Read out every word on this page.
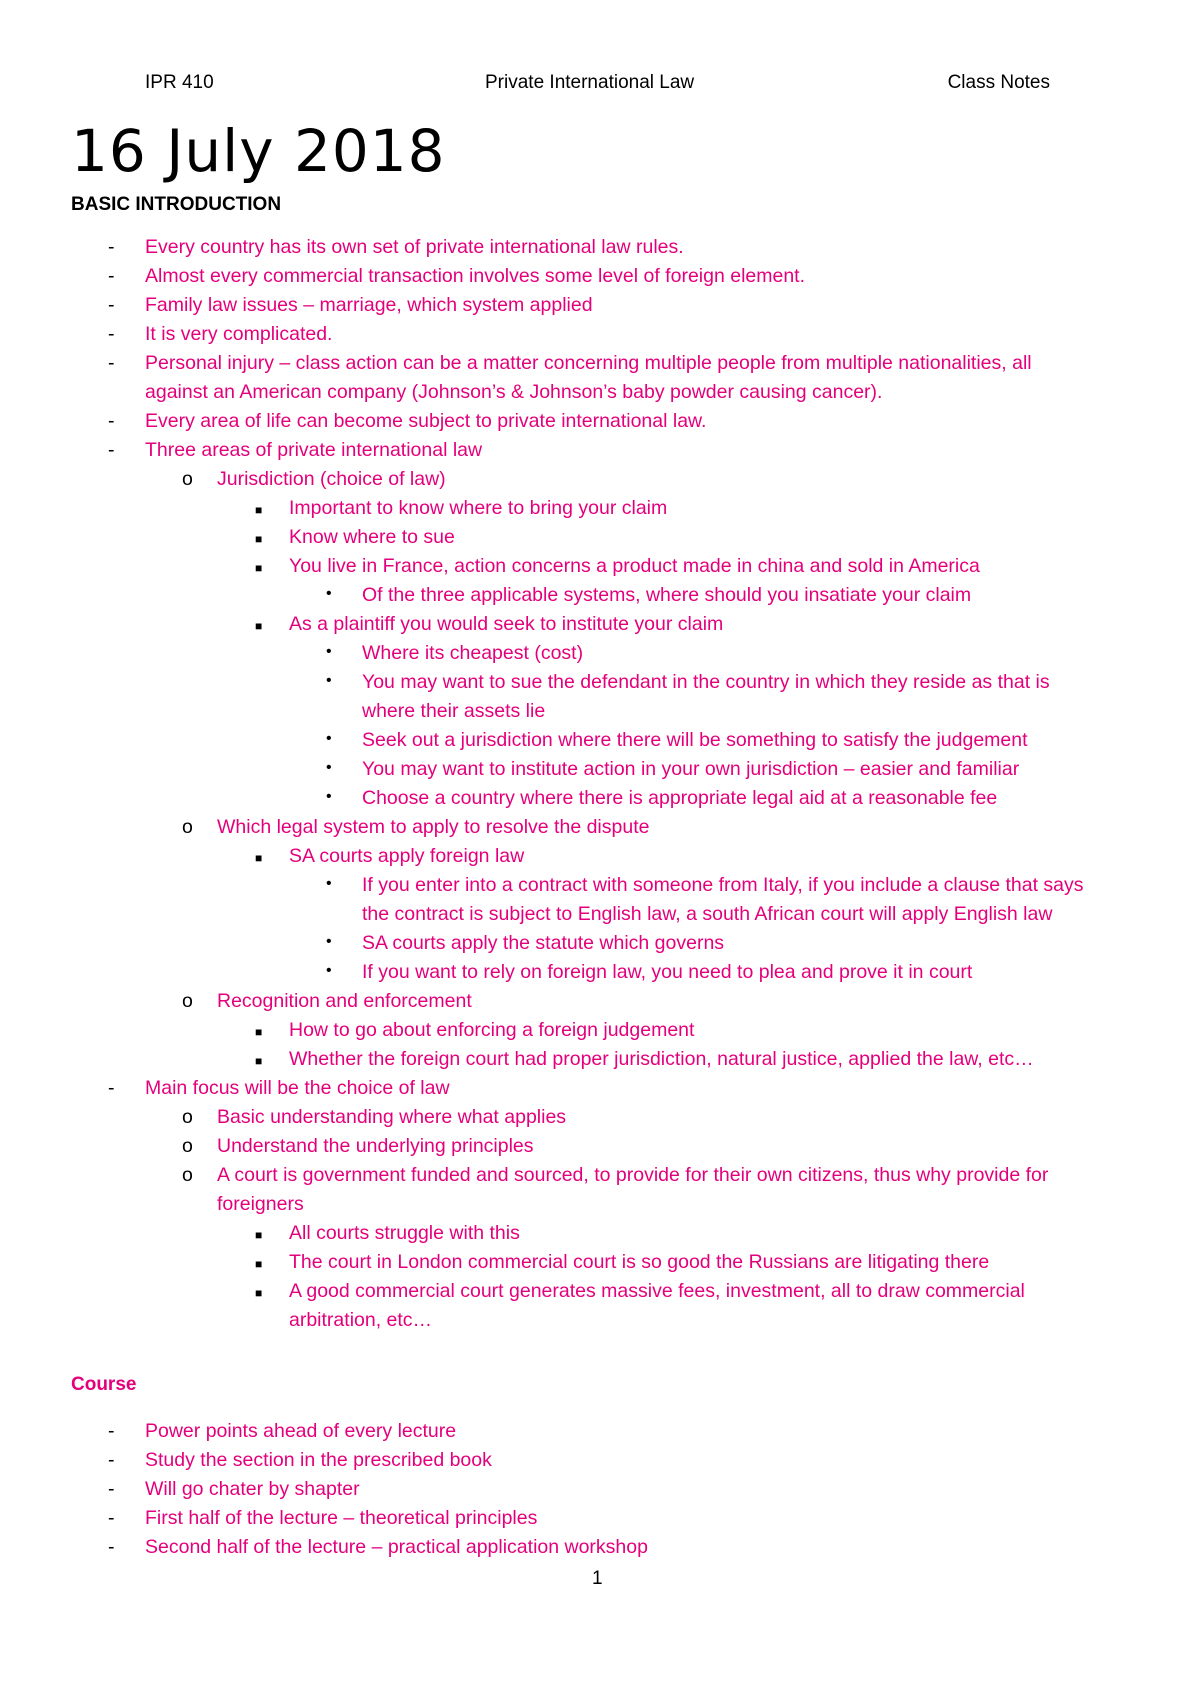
IPR 410	Private International Law	Class Notes
16 July 2018
BASIC INTRODUCTION
- Every country has its own set of private international law rules.
- Almost every commercial transaction involves some level of foreign element.
- Family law issues – marriage, which system applied
- It is very complicated.
- Personal injury – class action can be a matter concerning multiple people from multiple nationalities, all
against an American company (Johnson’s & Johnson’s baby powder causing cancer).
- Every area of life can become subject to private international law.
- Three areas of private international law
o Jurisdiction (choice of law)
■ Important to know where to bring your claim
■ Know where to sue
■ You live in France, action concerns a product made in china and sold in America
• Of the three applicable systems, where should you insatiate your claim
■ As a plaintiff you would seek to institute your claim
• Where its cheapest (cost)
• You may want to sue the defendant in the country in which they reside as that is
where their assets lie
• Seek out a jurisdiction where there will be something to satisfy the judgement
• You may want to institute action in your own jurisdiction – easier and familiar
• Choose a country where there is appropriate legal aid at a reasonable fee
o Which legal system to apply to resolve the dispute
■ SA courts apply foreign law
• If you enter into a contract with someone from Italy, if you include a clause that says
the contract is subject to English law, a south African court will apply English law
• SA courts apply the statute which governs
• If you want to rely on foreign law, you need to plea and prove it in court
o Recognition and enforcement
■ How to go about enforcing a foreign judgement
■ Whether the foreign court had proper jurisdiction, natural justice, applied the law, etc…
- Main focus will be the choice of law
o Basic understanding where what applies
o Understand the underlying principles
o A court is government funded and sourced, to provide for their own citizens, thus why provide for
foreigners
■ All courts struggle with this
■ The court in London commercial court is so good the Russians are litigating there
■ A good commercial court generates massive fees, investment, all to draw commercial
arbitration, etc…
Course
- Power points ahead of every lecture
- Study the section in the prescribed book
- Will go chater by shapter
- First half of the lecture – theoretical principles
- Second half of the lecture – practical application workshop
1
